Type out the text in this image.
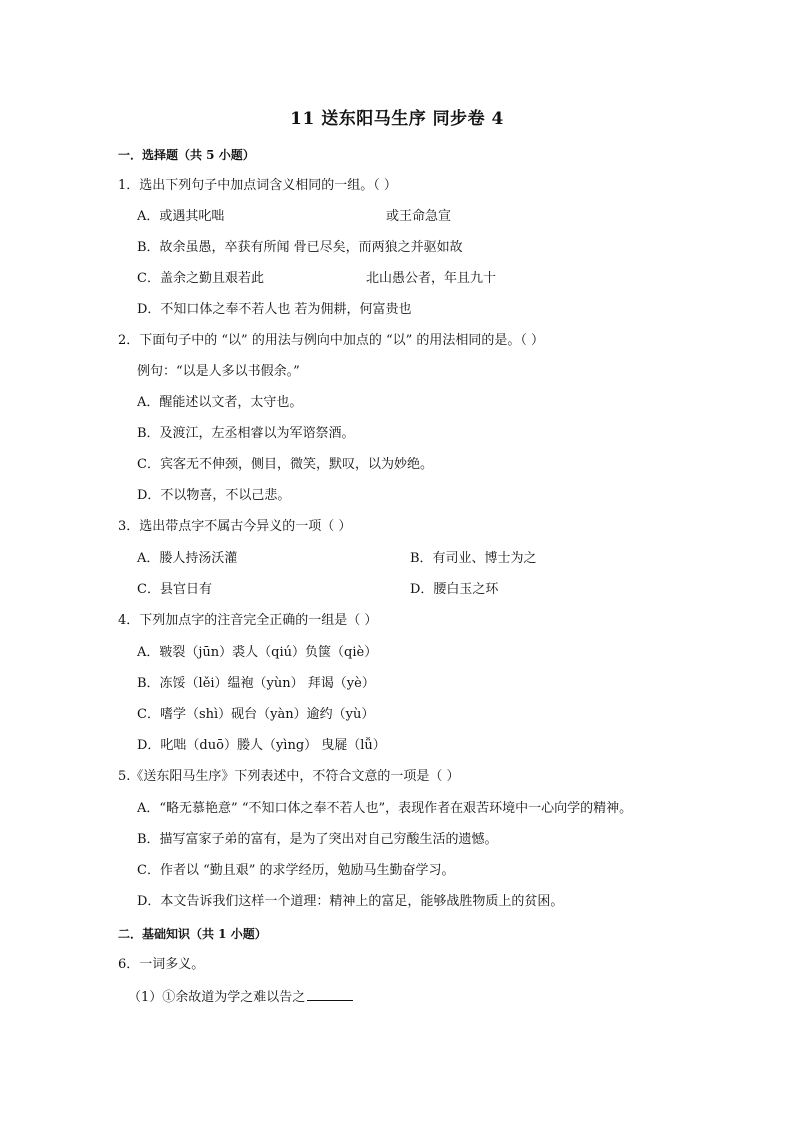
11 送东阳马生序 同步卷 4
一．选择题（共 5 小题）
1．选出下列句子中加点词含义相同的一组。（ ）
A．或遇其叱咄	或王命急宣
B．故余虽愚，卒获有所闻 骨已尽矣，而两狼之并驱如故
C．盖余之勤且艰若此	北山愚公者，年且九十
D．不知口体之奉不若人也 若为佣耕，何富贵也
2．下面句子中的 “以” 的用法与例向中加点的 “以” 的用法相同的是。（ ）
例句：“以是人多以书假余。”
A．醒能述以文者，太守也。
B．及渡江，左丞相睿以为军谘祭酒。
C．宾客无不伸颈，侧目，微笑，默叹，以为妙绝。
D．不以物喜，不以己悲。
3．选出带点字不属古今异义的一项（ ）
A．媵人持汤沃灌	B．有司业、博士为之
C．县官日有	D．腰白玉之环
4．下列加点字的注音完全正确的一组是（ ）
A．皲裂（jūn）裘人（qiú）负箧（qiè）
B．冻馁（lěi）缊袍（yùn） 拜谒（yè）
C．嗜学（shì）砚台（yàn）逾约（yù）
D．叱咄（duō）媵人（yìng） 曳屣（lǚ）
5.《送东阳马生序》下列表述中，不符合文意的一项是（ ）
A．“略无慕艳意” “不知口体之奉不若人也”，表现作者在艰苦环境中一心向学的精神。
B．描写富家子弟的富有，是为了突出对自己穷酸生活的遗憾。
C．作者以 “勤且艰” 的求学经历，勉励马生勤奋学习。
D．本文告诉我们这样一个道理：精神上的富足，能够战胜物质上的贫困。
二．基础知识（共 1 小题）
6．一词多义。
（1）①余故道为学之难以告之
